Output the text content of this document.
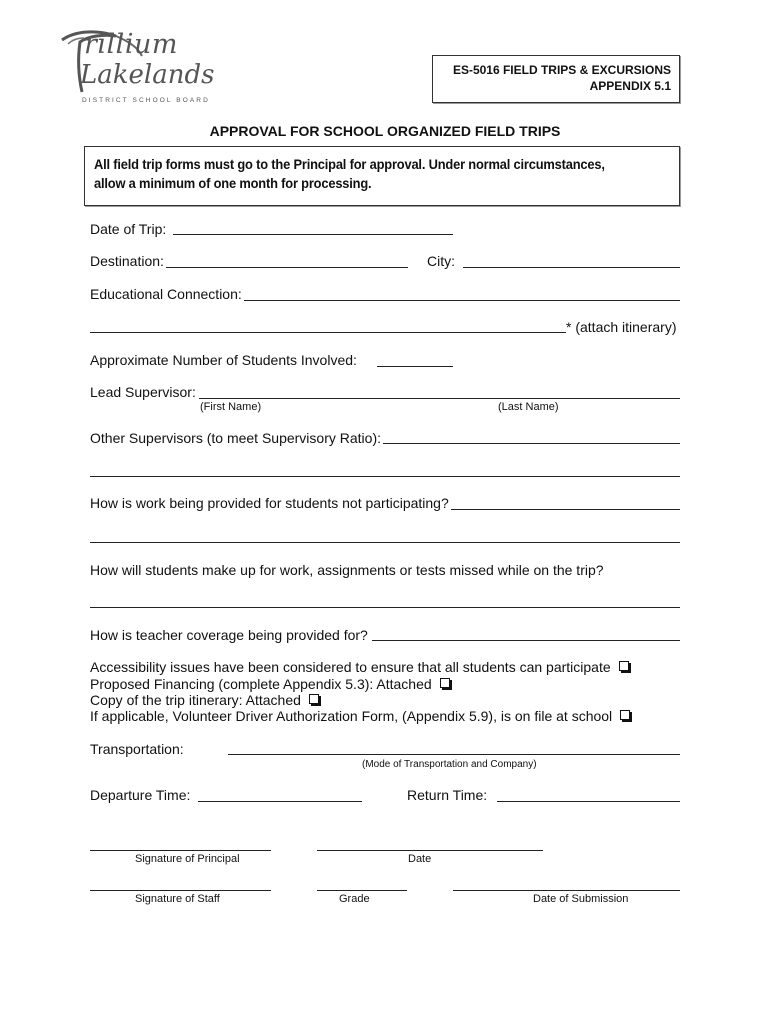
rillium
Lakelands
DISTRICT SCHOOL BOARD
ES-5016 FIELD TRIPS & EXCURSIONS
APPENDIX 5.1
APPROVAL FOR SCHOOL ORGANIZED FIELD TRIPS
All field trip forms must go to the Principal for approval. Under normal circumstances, allow a minimum of one month for processing.
Date of Trip:
Destination:	City:
Educational Connection:
* (attach itinerary)
Approximate Number of Students Involved:
Lead Supervisor:
(First Name)	(Last Name)
Other Supervisors (to meet Supervisory Ratio):
How is work being provided for students not participating?
How will students make up for work, assignments or tests missed while on the trip?
How is teacher coverage being provided for?
Accessibility issues have been considered to ensure that all students can participate
Proposed Financing (complete Appendix 5.3): Attached
Copy of the trip itinerary: Attached
If applicable, Volunteer Driver Authorization Form, (Appendix 5.9), is on file at school
Transportation:
(Mode of Transportation and Company)
Departure Time:	Return Time:
Signature of Principal	Date
Signature of Staff	Grade	Date of Submission
